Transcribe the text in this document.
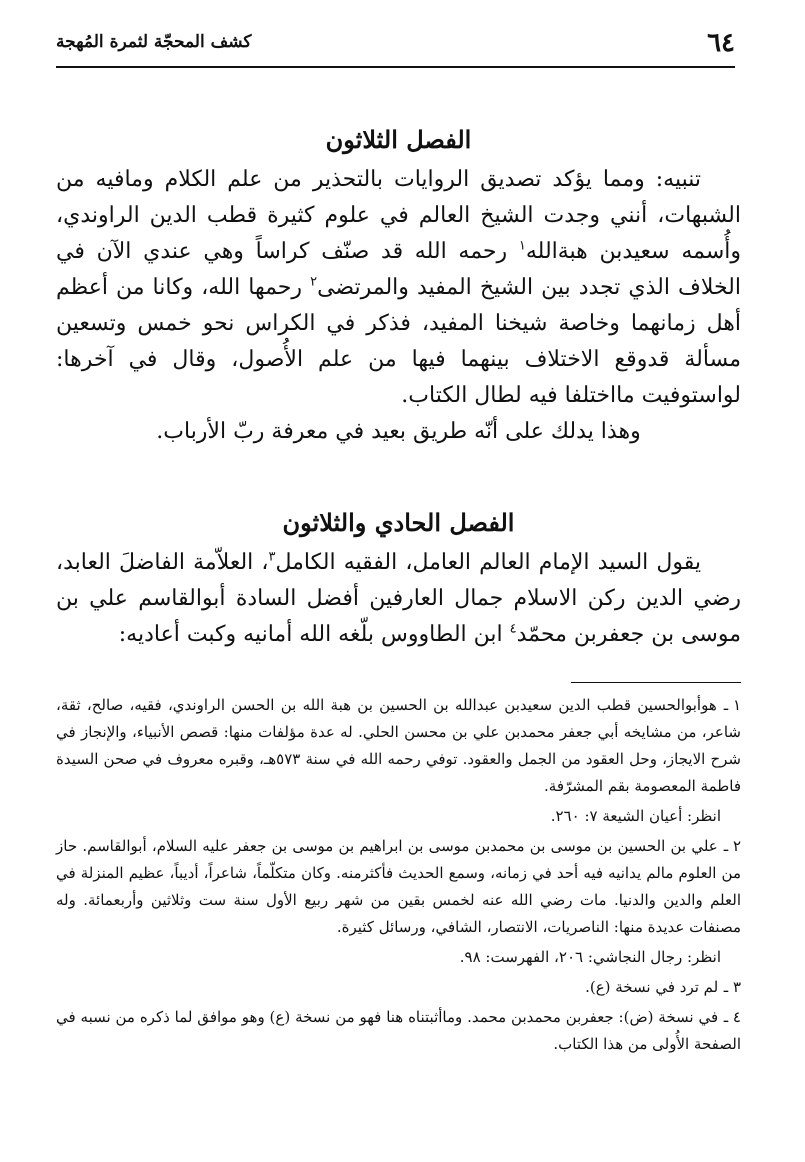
٦٤
كشف المحجّة لثمرة المُهجة
الفصل الثلاثون

تنبيه: ومما يؤكد تصديق الروايات بالتحذير من علم الكلام ومافيه من الشبهات، أنني وجدت الشيخ العالم في علوم كثيرة قطب الدين الراوندي، وأُسمه سعيدبن هبةالله$^١$ رحمه الله قد صنّف كراساً وهي عندي الآن في الخلاف الذي تجدد بين الشيخ المفيد والمرتضى$^٢$ رحمها الله، وكانا من أعظم أهل زمانهما وخاصة شيخنا المفيد، فذكر في الكراس نحو خمس وتسعين مسألة قدوقع الاختلاف بينهما فيها من علم الأُصول، وقال في آخرها: لواستوفيت مااختلفا فيه لطال الكتاب.

وهذا يدلك على أنّه طريق بعيد في معرفة ربّ الأرباب.

الفصل الحادي والثلاثون

يقول السيد الإمام العالم العامل، الفقيه الكامل$^٣$، العلاّمة الفاضلَ العابد، رضي الدين ركن الاسلام جمال العارفين أفضل السادة أبوالقاسم علي بن موسى بن جعفربن محمّد$^٤$ ابن الطاووس بلّغه الله أمانيه وكبت أعاديه:

١ ـ هوأبوالحسين قطب الدين سعيدبن عبدالله بن الحسين بن هبة الله بن الحسن الراوندي، فقيه، صالح، ثقة، شاعر، من مشايخه أبي جعفر محمدبن علي بن محسن الحلي. له عدة مؤلفات منها: قصص الأنبياء، والإنجاز في شرح الايجاز، وحل العقود من الجمل والعقود. توفي رحمه الله في سنة ٥٧٣هـ، وقبره معروف في صحن السيدة فاطمة المعصومة بقم المشرّفة.

انظر: أعيان الشيعة ٧: ٢٦٠.

٢ ـ علي بن الحسين بن موسى بن محمدبن موسى بن ابراهيم بن موسى بن جعفر عليه السلام، أبوالقاسم. حاز من العلوم مالم يدانيه فيه أحد في زمانه، وسمع الحديث فأكثرمنه. وكان متكلّماً، شاعراً، أديباً، عظيم المنزلة في العلم والدين والدنيا. مات رضي الله عنه لخمس بقين من شهر ربيع الأول سنة ست وثلاثين وأربعمائة. وله مصنفات عديدة منها: الناصريات، الانتصار، الشافي، ورسائل كثيرة.

انظر: رجال النجاشي: ٢٠٦، الفهرست: ٩٨.

٣ ـ لم ترد في نسخة (ع).

٤ ـ في نسخة (ض): جعفربن محمدبن محمد. وماأثبتناه هنا فهو من نسخة (ع) وهو موافق لما ذكره من نسبه في الصفحة الأُولى من هذا الكتاب.
